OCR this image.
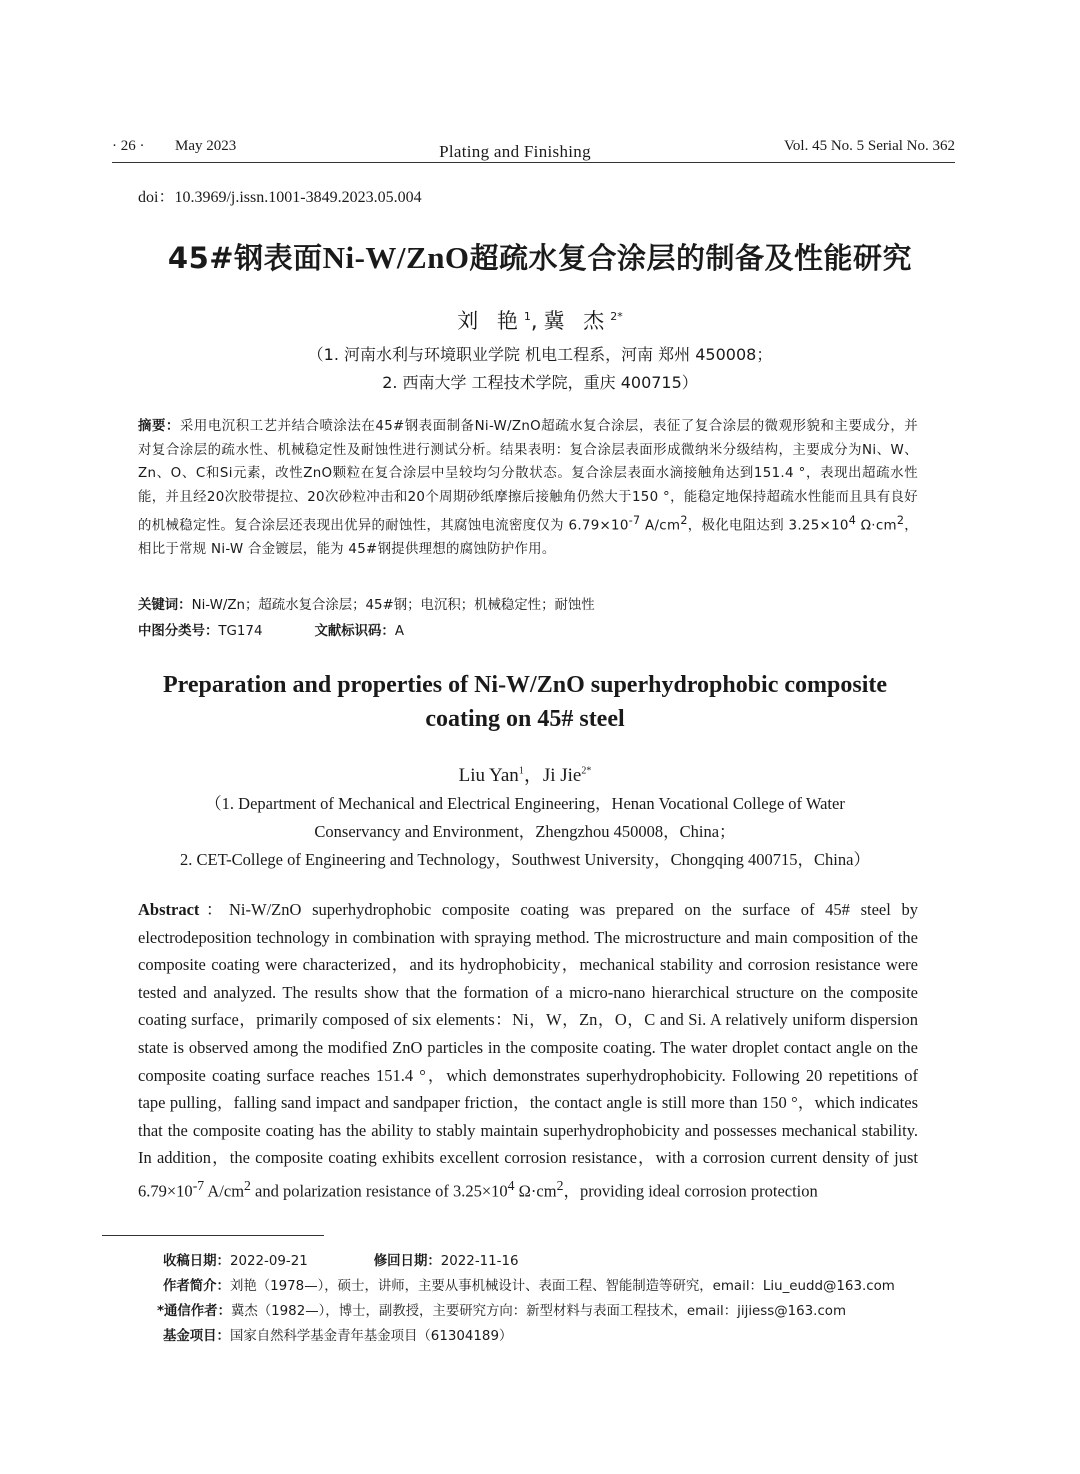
· 26 · May 2023	Plating and Finishing	Vol. 45 No. 5 Serial No. 362
doi：10.3969/j.issn.1001-3849.2023.05.004
45#钢表面Ni-W/ZnO超疏水复合涂层的制备及性能研究
刘 艳$^1$,冀 杰$^{2*}$
（1. 河南水利与环境职业学院 机电工程系，河南 郑州 450008；
2. 西南大学 工程技术学院，重庆 400715）
摘要：采用电沉积工艺并结合喷涂法在45#钢表面制备Ni-W/ZnO超疏水复合涂层，表征了复合涂层的微观形貌和主要成分，并对复合涂层的疏水性、机械稳定性及耐蚀性进行测试分析。结果表明：复合涂层表面形成微纳米分级结构，主要成分为Ni、W、Zn、O、C和Si元素，改性ZnO颗粒在复合涂层中呈较均匀分散状态。复合涂层表面水滴接触角达到151.4 °，表现出超疏水性能，并且经20次胶带提拉、20次砂粒冲击和20个周期砂纸摩擦后接触角仍然大于150 °，能稳定地保持超疏水性能而且具有良好的机械稳定性。复合涂层还表现出优异的耐蚀性，其腐蚀电流密度仅为 $6.79\times 10^{-7}$ $A/cm^2$，极化电阻达到 $3.25\times 10^4$ $\Omega\cdot cm^2$，相比于常规 Ni-W 合金镀层，能为 45#钢提供理想的腐蚀防护作用。
关键词：Ni-W/Zn；超疏水复合涂层；45#钢；电沉积；机械稳定性；耐蚀性
中图分类号：TG174	文献标识码：A
Preparation and properties of Ni-W/ZnO superhydrophobic composite
coating on 45# steel
Liu Yan$^1$，Ji Jie$^{2*}$
（1. Department of Mechanical and Electrical Engineering，Henan Vocational College of Water
Conservancy and Environment，Zhengzhou 450008，China；
2. CET-College of Engineering and Technology，Southwest University，Chongqing 400715，China）
Abstract：Ni-W/ZnO superhydrophobic composite coating was prepared on the surface of 45# steel by electrodeposition technology in combination with spraying method. The microstructure and main composition of the composite coating were characterized，and its hydrophobicity，mechanical stability and corrosion resistance were tested and analyzed. The results show that the formation of a micro-nano hierarchical structure on the composite coating surface，primarily composed of six elements：Ni，W，Zn，O，C and Si. A relatively uniform dispersion state is observed among the modified ZnO particles in the composite coating. The water droplet contact angle on the composite coating surface reaches 151.4 °，which demonstrates superhydrophobicity. Following 20 repetitions of tape pulling，falling sand impact and sandpaper friction，the contact angle is still more than 150 °，which indicates that the composite coating has the ability to stably maintain superhydrophobicity and possesses mechanical stability. In addition，the composite coating exhibits excellent corrosion resistance，with a corrosion current density of just $6.79\times 10^{-7}$ $A/cm^2$ and polarization resistance of $3.25\times 10^4$ $\Omega\cdot cm^2$，providing ideal corrosion protection
收稿日期：2022-09-21	修回日期：2022-11-16
作者简介：刘艳（1978—），硕士，讲师，主要从事机械设计、表面工程、智能制造等研究，email：Liu_eudd@163.com
*通信作者：冀杰（1982—），博士，副教授，主要研究方向：新型材料与表面工程技术，email：jijiess@163.com
基金项目：国家自然科学基金青年基金项目（61304189）
